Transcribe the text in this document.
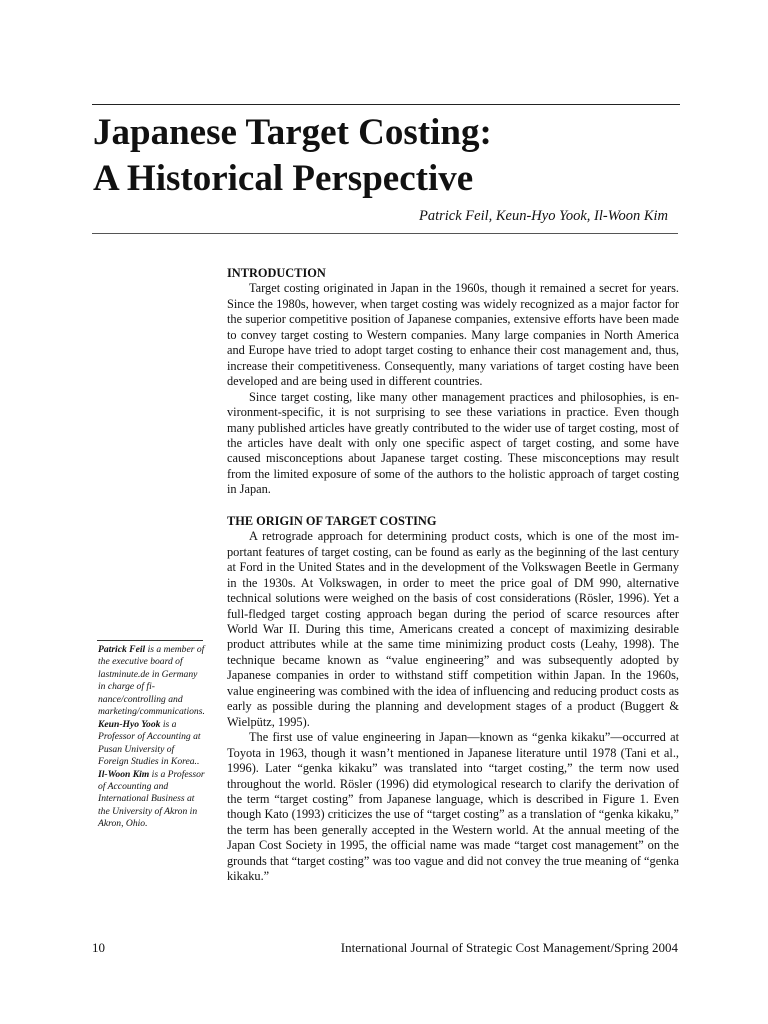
Japanese Target Costing:
A Historical Perspective
Patrick Feil, Keun-Hyo Yook, Il-Woon Kim
INTRODUCTION

Target costing originated in Japan in the 1960s, though it remained a secret for years. Since the 1980s, however, when target costing was widely recognized as a major factor for the superior competitive position of Japanese companies, extensive efforts have been made to convey target costing to Western companies. Many large companies in North America and Europe have tried to adopt target costing to enhance their cost management and, thus, increase their competitiveness. Consequently, many variations of target costing have been developed and are being used in different countries.

Since target costing, like many other management practices and philosophies, is environment-specific, it is not surprising to see these variations in practice. Even though many published articles have greatly contributed to the wider use of target costing, most of the articles have dealt with only one specific aspect of target costing, and some have caused misconceptions about Japanese target costing. These misconceptions may result from the limited exposure of some of the authors to the holistic approach of target costing in Japan.

THE ORIGIN OF TARGET COSTING

A retrograde approach for determining product costs, which is one of the most important features of target costing, can be found as early as the beginning of the last century at Ford in the United States and in the development of the Volkswagen Beetle in Germany in the 1930s. At Volkswagen, in order to meet the price goal of DM 990, alternative technical solutions were weighed on the basis of cost considerations (Rösler, 1996). Yet a full-fledged target costing approach began during the period of scarce resources after World War II. During this time, Americans created a concept of maximizing desirable product attributes while at the same time minimizing product costs (Leahy, 1998). The technique became known as “value engineering” and was subsequently adopted by Japanese companies in order to withstand stiff competition within Japan. In the 1960s, value engineering was combined with the idea of influencing and reducing product costs as early as possible during the planning and development stages of a product (Buggert & Wielpütz, 1995).

The first use of value engineering in Japan—known as “genka kikaku”—occurred at Toyota in 1963, though it wasn’t mentioned in Japanese literature until 1978 (Tani et al., 1996). Later “genka kikaku” was translated into “target costing,” the term now used throughout the world. Rösler (1996) did etymological research to clarify the derivation of the term “target costing” from Japanese language, which is described in Figure 1. Even though Kato (1993) criticizes the use of “target costing” as a translation of “genka kikaku,” the term has been generally accepted in the Western world. At the annual meeting of the Japan Cost Society in 1995, the official name was made “target cost management” on the grounds that “target costing” was too vague and did not convey the true meaning of “genka kikaku.”

Patrick Feil is a member of the executive board of lastminute.de in Germany in charge of finance/controlling and marketing/communications.

Keun-Hyo Yook is a Professor of Accounting at Pusan University of Foreign Studies in Korea..

Il-Woon Kim is a Professor of Accounting and International Business at the University of Akron in Akron, Ohio.

10	International Journal of Strategic Cost Management/Spring 2004
